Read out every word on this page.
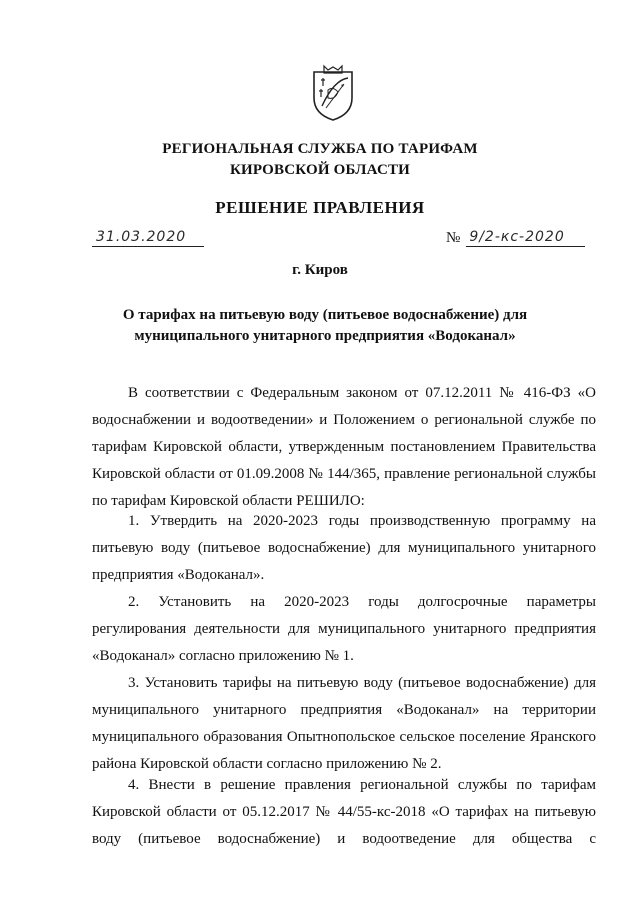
РЕГИОНАЛЬНАЯ СЛУЖБА ПО ТАРИФАМ
КИРОВСКОЙ ОБЛАСТИ
РЕШЕНИЕ ПРАВЛЕНИЯ
31.03.2020	№ 9/2-кс-2020
г. Киров
О тарифах на питьевую воду (питьевое водоснабжение) для
муниципального унитарного предприятия «Водоканал»

В соответствии с Федеральным законом от 07.12.2011 № 416-ФЗ «О водоснабжении и водоотведении» и Положением о региональной службе по тарифам Кировской области, утвержденным постановлением Правительства Кировской области от 01.09.2008 № 144/365, правление региональной службы по тарифам Кировской области РЕШИЛО:

1. Утвердить на 2020-2023 годы производственную программу на питьевую воду (питьевое водоснабжение) для муниципального унитарного предприятия «Водоканал».

2. Установить на 2020-2023 годы долгосрочные параметры регулирования деятельности для муниципального унитарного предприятия «Водоканал» согласно приложению № 1.

3. Установить тарифы на питьевую воду (питьевое водоснабжение) для муниципального унитарного предприятия «Водоканал» на территории муниципального образования Опытнопольское сельское поселение Яранского района Кировской области согласно приложению № 2.

4. Внести в решение правления региональной службы по тарифам Кировской области от 05.12.2017 № 44/55-кс-2018 «О тарифах на питьевую воду (питьевое водоснабжение) и водоотведение для общества с
